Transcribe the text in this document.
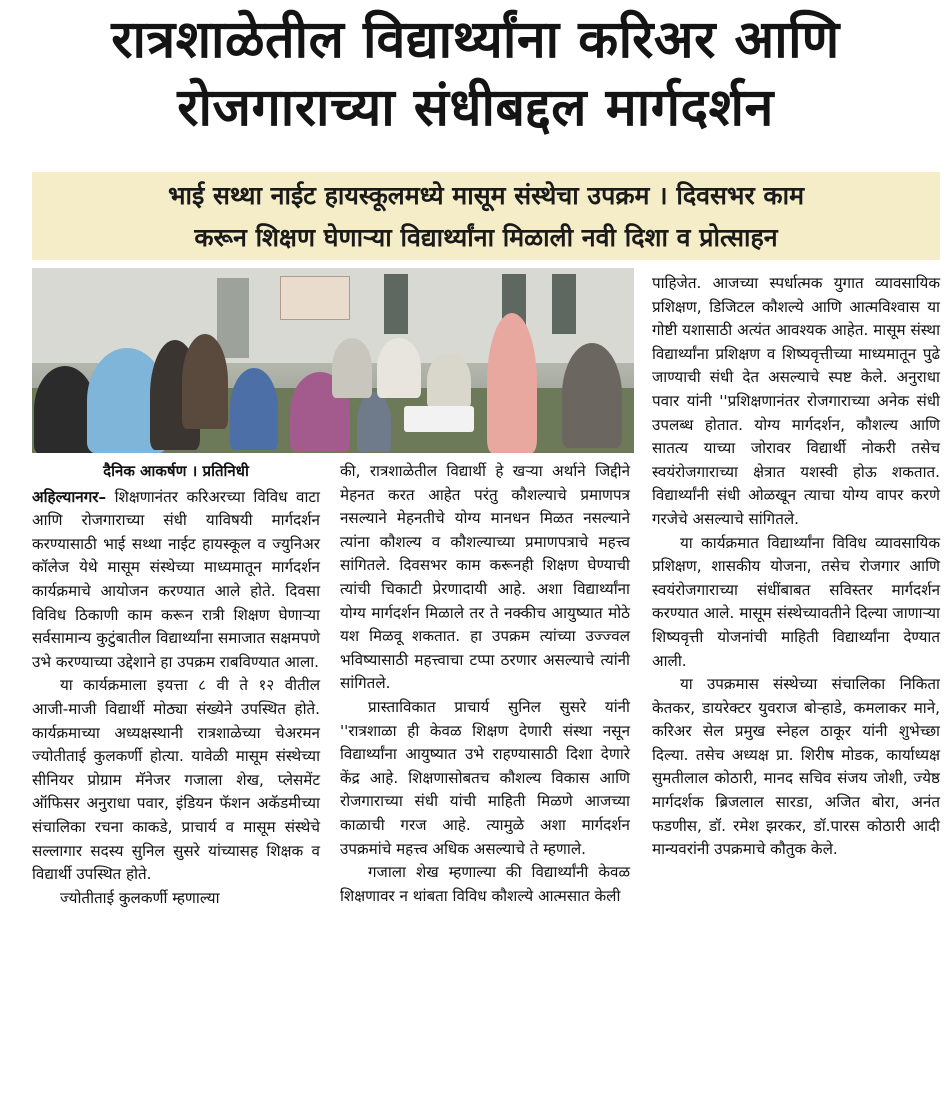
रात्रशाळेतील विद्यार्थ्यांना करिअर आणि
रोजगाराच्या संधीबद्दल मार्गदर्शन
भाई सथ्था नाईट हायस्कूलमध्ये मासूम संस्थेचा उपक्रम । दिवसभर काम
करून शिक्षण घेणाऱ्या विद्यार्थ्यांना मिळाली नवी दिशा व प्रोत्साहन
दैनिक आकर्षण । प्रतिनिधी

अहिल्यानगर– शिक्षणानंतर करिअरच्या विविध वाटा आणि रोजगाराच्या संधी याविषयी मार्गदर्शन करण्यासाठी भाई सथ्था नाईट हायस्कूल व ज्युनिअर कॉलेज येथे मासूम संस्थेच्या माध्यमातून मार्गदर्शन कार्यक्रमाचे आयोजन करण्यात आले होते. दिवसा विविध ठिकाणी काम करून रात्री शिक्षण घेणाऱ्या सर्वसामान्य कुटुंबातील विद्यार्थ्यांना समाजात सक्षमपणे उभे करण्याच्या उद्देशाने हा उपक्रम राबविण्यात आला.

या कार्यक्रमाला इयत्ता ८ वी ते १२ वीतील आजी-माजी विद्यार्थी मोठ्या संख्येने उपस्थित होते. कार्यक्रमाच्या अध्यक्षस्थानी रात्रशाळेच्या चेअरमन ज्योतीताई कुलकर्णी होत्या. यावेळी मासूम संस्थेच्या सीनियर प्रोग्राम मॅनेजर गजाला शेख, प्लेसमेंट ऑफिसर अनुराधा पवार, इंडियन फॅशन अकॅडमीच्या संचालिका रचना काकडे, प्राचार्य व मासूम संस्थेचे सल्लागार सदस्य सुनिल सुसरे यांच्यासह शिक्षक व विद्यार्थी उपस्थित होते.

ज्योतीताई कुलकर्णी म्हणाल्या

की, रात्रशाळेतील विद्यार्थी हे खऱ्या अर्थाने जिद्दीने मेहनत करत आहेत परंतु कौशल्याचे प्रमाणपत्र नसल्याने मेहनतीचे योग्य मानधन मिळत नसल्याने त्यांना कौशल्य व कौशल्याच्या प्रमाणपत्राचे महत्त्व सांगितले. दिवसभर काम करूनही शिक्षण घेण्याची त्यांची चिकाटी प्रेरणादायी आहे. अशा विद्यार्थ्यांना योग्य मार्गदर्शन मिळाले तर ते नक्कीच आयुष्यात मोठे यश मिळवू शकतात. हा उपक्रम त्यांच्या उज्ज्वल भविष्यासाठी महत्त्वाचा टप्पा ठरणार असल्याचे त्यांनी सांगितले.

प्रास्ताविकात प्राचार्य सुनिल सुसरे यांनी ''रात्रशाळा ही केवळ शिक्षण देणारी संस्था नसून विद्यार्थ्यांना आयुष्यात उभे राहण्यासाठी दिशा देणारे केंद्र आहे. शिक्षणासोबतच कौशल्य विकास आणि रोजगाराच्या संधी यांची माहिती मिळणे आजच्या काळाची गरज आहे. त्यामुळे अशा मार्गदर्शन उपक्रमांचे महत्त्व अधिक असल्याचे ते म्हणाले.

गजाला शेख म्हणाल्या की विद्यार्थ्यांनी केवळ शिक्षणावर न थांबता विविध कौशल्ये आत्मसात केली

पाहिजेत. आजच्या स्पर्धात्मक युगात व्यावसायिक प्रशिक्षण, डिजिटल कौशल्ये आणि आत्मविश्वास या गोष्टी यशासाठी अत्यंत आवश्यक आहेत. मासूम संस्था विद्यार्थ्यांना प्रशिक्षण व शिष्यवृत्तीच्या माध्यमातून पुढे जाण्याची संधी देत असल्याचे स्पष्ट केले. अनुराधा पवार यांनी ''प्रशिक्षणानंतर रोजगाराच्या अनेक संधी उपलब्ध होतात. योग्य मार्गदर्शन, कौशल्य आणि सातत्य याच्या जोरावर विद्यार्थी नोकरी तसेच स्वयंरोजगाराच्या क्षेत्रात यशस्वी होऊ शकतात. विद्यार्थ्यांनी संधी ओळखून त्याचा योग्य वापर करणे गरजेचे असल्याचे सांगितले.

या कार्यक्रमात विद्यार्थ्यांना विविध व्यावसायिक प्रशिक्षण, शासकीय योजना, तसेच रोजगार आणि स्वयंरोजगाराच्या संधींबाबत सविस्तर मार्गदर्शन करण्यात आले. मासूम संस्थेच्यावतीने दिल्या जाणाऱ्या शिष्यवृत्ती योजनांची माहिती विद्यार्थ्यांना देण्यात आली.

या उपक्रमास संस्थेच्या संचालिका निकिता केतकर, डायरेक्टर युवराज बोऱ्हाडे, कमलाकर माने, करिअर सेल प्रमुख स्नेहल ठाकूर यांनी शुभेच्छा दिल्या. तसेच अध्यक्ष प्रा. शिरीष मोडक, कार्याध्यक्ष सुमतीलाल कोठारी, मानद सचिव संजय जोशी, ज्येष्ठ मार्गदर्शक ब्रिजलाल सारडा, अजित बोरा, अनंत फडणीस, डॉ. रमेश झरकर, डॉ.पारस कोठारी आदी मान्यवरांनी उपक्रमाचे कौतुक केले.
